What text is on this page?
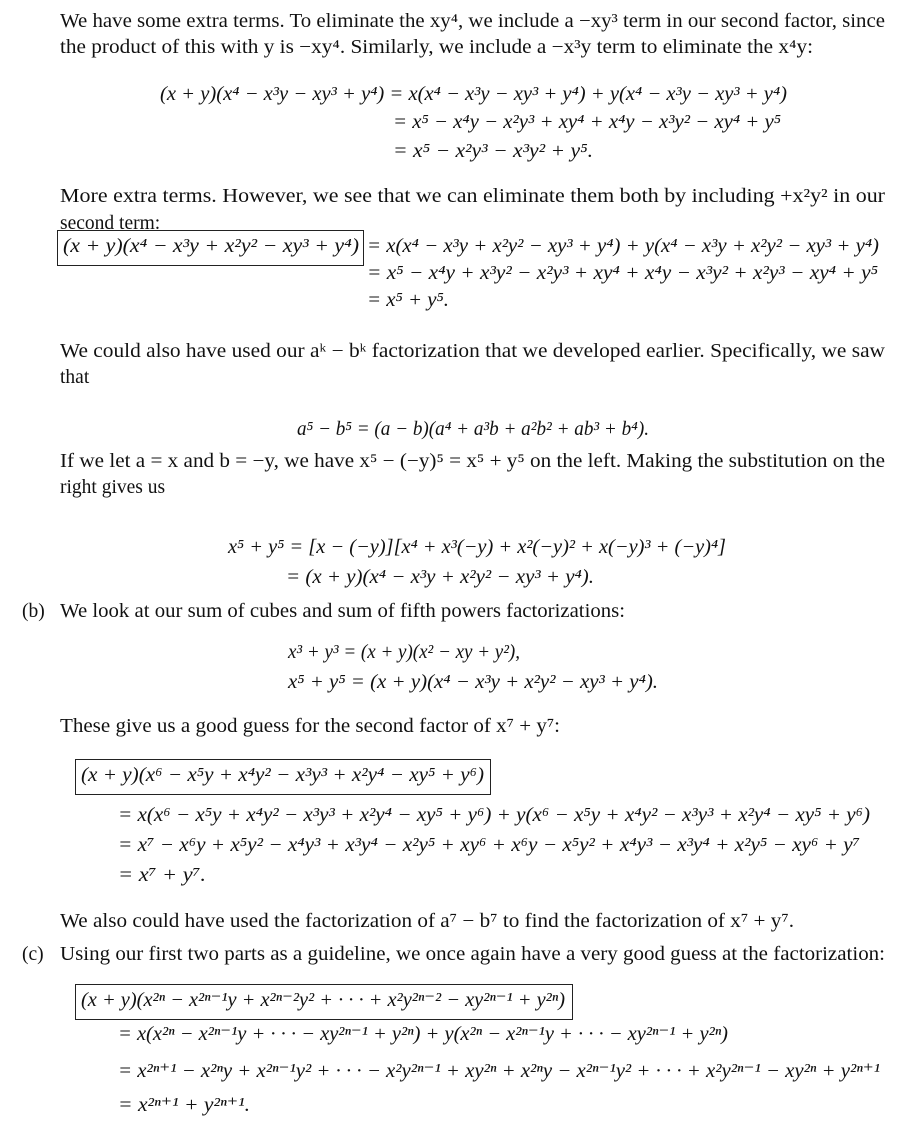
We have some extra terms. To eliminate the xy⁴, we include a −xy³ term in our second factor, since
the product of this with y is −xy⁴. Similarly, we include a −x³y term to eliminate the x⁴y:
(x + y)(x⁴ − x³y − xy³ + y⁴) = x(x⁴ − x³y − xy³ + y⁴) + y(x⁴ − x³y − xy³ + y⁴)
= x⁵ − x⁴y − x²y³ + xy⁴ + x⁴y − x³y² − xy⁴ + y⁵
= x⁵ − x²y³ − x³y² + y⁵.
More extra terms. However, we see that we can eliminate them both by including +x²y² in our
second term:
(x + y)(x⁴ − x³y + x²y² − xy³ + y⁴) = x(x⁴ − x³y + x²y² − xy³ + y⁴) + y(x⁴ − x³y + x²y² − xy³ + y⁴)
= x⁵ − x⁴y + x³y² − x²y³ + xy⁴ + x⁴y − x³y² + x²y³ − xy⁴ + y⁵
= x⁵ + y⁵.
We could also have used our aᵏ − bᵏ factorization that we developed earlier. Specifically, we saw
that
a⁵ − b⁵ = (a − b)(a⁴ + a³b + a²b² + ab³ + b⁴).
If we let a = x and b = −y, we have x⁵ − (−y)⁵ = x⁵ + y⁵ on the left. Making the substitution on the
right gives us
x⁵ + y⁵ = [x − (−y)][x⁴ + x³(−y) + x²(−y)² + x(−y)³ + (−y)⁴]
= (x + y)(x⁴ − x³y + x²y² − xy³ + y⁴).
(b) We look at our sum of cubes and sum of fifth powers factorizations:
x³ + y³ = (x + y)(x² − xy + y²),
x⁵ + y⁵ = (x + y)(x⁴ − x³y + x²y² − xy³ + y⁴).
These give us a good guess for the second factor of x⁷ + y⁷:
(x + y)(x⁶ − x⁵y + x⁴y² − x³y³ + x²y⁴ − xy⁵ + y⁶)
= x(x⁶ − x⁵y + x⁴y² − x³y³ + x²y⁴ − xy⁵ + y⁶) + y(x⁶ − x⁵y + x⁴y² − x³y³ + x²y⁴ − xy⁵ + y⁶)
= x⁷ − x⁶y + x⁵y² − x⁴y³ + x³y⁴ − x²y⁵ + xy⁶ + x⁶y − x⁵y² + x⁴y³ − x³y⁴ + x²y⁵ − xy⁶ + y⁷
= x⁷ + y⁷.
We also could have used the factorization of a⁷ − b⁷ to find the factorization of x⁷ + y⁷.
(c) Using our first two parts as a guideline, we once again have a very good guess at the factorization:
(x + y)(x²ⁿ − x²ⁿ⁻¹y + x²ⁿ⁻²y² + · · · + x²y²ⁿ⁻² − xy²ⁿ⁻¹ + y²ⁿ)
= x(x²ⁿ − x²ⁿ⁻¹y + · · · − xy²ⁿ⁻¹ + y²ⁿ) + y(x²ⁿ − x²ⁿ⁻¹y + · · · − xy²ⁿ⁻¹ + y²ⁿ)
= x²ⁿ⁺¹ − x²ⁿy + x²ⁿ⁻¹y² + · · · − x²y²ⁿ⁻¹ + xy²ⁿ + x²ⁿy − x²ⁿ⁻¹y² + · · · + x²y²ⁿ⁻¹ − xy²ⁿ + y²ⁿ⁺¹
= x²ⁿ⁺¹ + y²ⁿ⁺¹.
